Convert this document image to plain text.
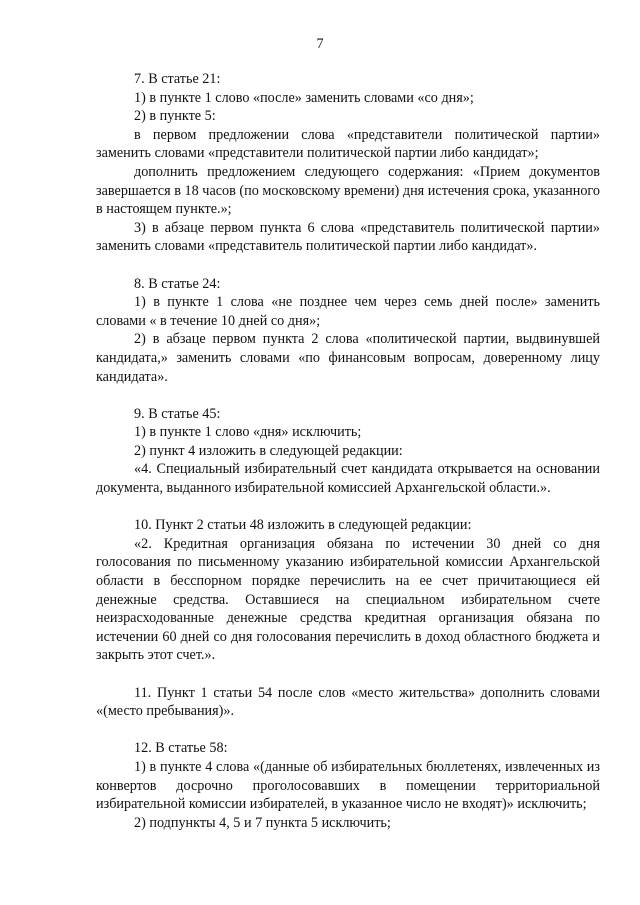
7

7. В статье 21:

1) в пункте 1 слово «после» заменить словами «со дня»;

2) в пункте 5:

в первом предложении слова «представители политической партии» заменить словами «представители политической партии либо кандидат»;

дополнить предложением следующего содержания: «Прием документов завершается в 18 часов (по московскому времени) дня истечения срока, указанного в настоящем пункте.»;

3) в абзаце первом пункта 6 слова «представитель политической партии» заменить словами «представитель политической партии либо кандидат».

8. В статье 24:

1) в пункте 1 слова «не позднее чем через семь дней после» заменить словами « в течение 10 дней со дня»;

2) в абзаце первом пункта 2 слова «политической партии, выдвинувшей кандидата,» заменить словами «по финансовым вопросам, доверенному лицу кандидата».

9. В статье 45:

1) в пункте 1 слово «дня» исключить;

2) пункт 4 изложить в следующей редакции:

«4. Специальный избирательный счет кандидата открывается на основании документа, выданного избирательной комиссией Архангельской области.».

10. Пункт 2 статьи 48 изложить в следующей редакции:

«2. Кредитная организация обязана по истечении 30 дней со дня голосования по письменному указанию избирательной комиссии Архангельской области в бесспорном порядке перечислить на ее счет причитающиеся ей денежные средства. Оставшиеся на специальном избирательном счете неизрасходованные денежные средства кредитная организация обязана по истечении 60 дней со дня голосования перечислить в доход областного бюджета и закрыть этот счет.».

11. Пункт 1 статьи 54 после слов «место жительства» дополнить словами «(место пребывания)».

12. В статье 58:

1) в пункте 4 слова «(данные об избирательных бюллетенях, извлеченных из конвертов досрочно проголосовавших в помещении территориальной избирательной комиссии избирателей, в указанное число не входят)» исключить;

2) подпункты 4, 5 и 7 пункта 5 исключить;
